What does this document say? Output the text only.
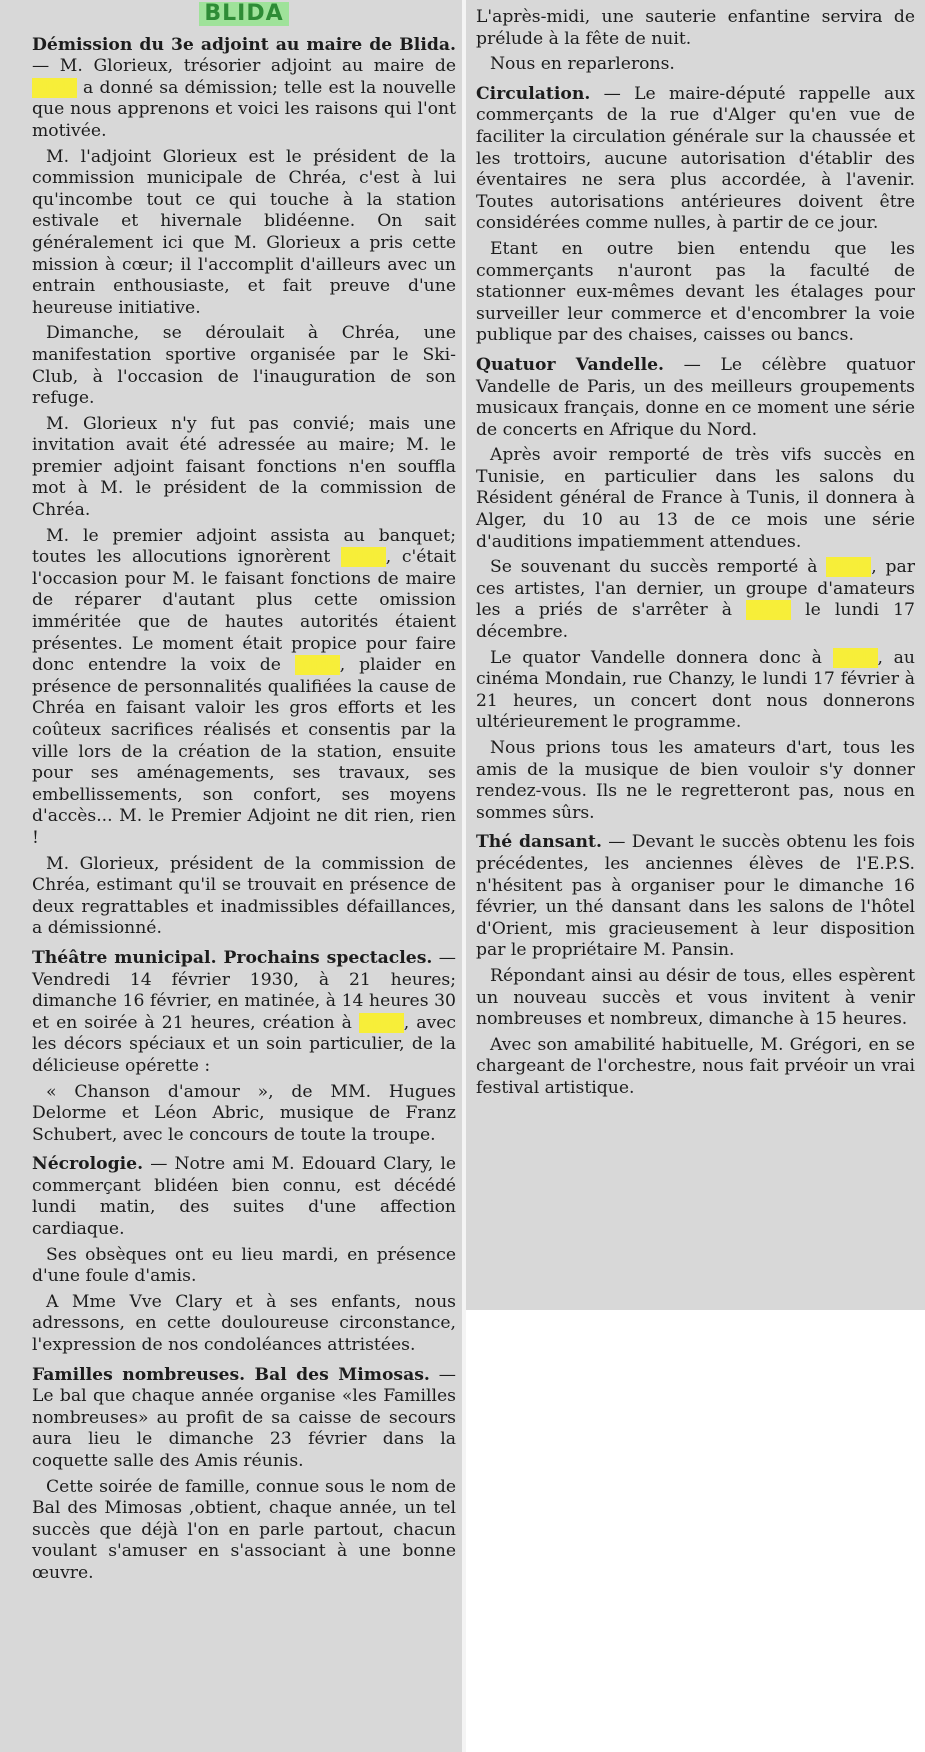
BLIDA

Démission du 3e adjoint au maire de Blida. — M. Glorieux, trésorier adjoint au maire de Blida a donné sa démission; telle est la nouvelle que nous apprenons et voici les raisons qui l'ont motivée.

M. l'adjoint Glorieux est le président de la commission municipale de Chréa, c'est à lui qu'incombe tout ce qui touche à la station estivale et hivernale blidéenne. On sait généralement ici que M. Glorieux a pris cette mission à cœur; il l'accomplit d'ailleurs avec un entrain enthousiaste, et fait preuve d'une heureuse initiative.

Dimanche, se déroulait à Chréa, une manifestation sportive organisée par le Ski-Club, à l'occasion de l'inauguration de son refuge.

M. Glorieux n'y fut pas convié; mais une invitation avait été adressée au maire; M. le premier adjoint faisant fonctions n'en souffla mot à M. le président de la commission de Chréa.

M. le premier adjoint assista au banquet; toutes les allocutions ignorèrent Blida, c'était l'occasion pour M. le faisant fonctions de maire de réparer d'autant plus cette omission imméritée que de hautes autorités étaient présentes. Le moment était propice pour faire donc entendre la voix de Blida, plaider en présence de personnalités qualifiées la cause de Chréa en faisant valoir les gros efforts et les coûteux sacrifices réalisés et consentis par la ville lors de la création de la station, ensuite pour ses aménagements, ses travaux, ses embellissements, son confort, ses moyens d'accès... M. le Premier Adjoint ne dit rien, rien !

M. Glorieux, président de la commission de Chréa, estimant qu'il se trouvait en présence de deux regrattables et inadmissibles défaillances, a démissionné.

Théâtre municipal. Prochains spectacles. — Vendredi 14 février 1930, à 21 heures; dimanche 16 février, en matinée, à 14 heures 30 et en soirée à 21 heures, création à Blida, avec les décors spéciaux et un soin particulier, de la délicieuse opérette :

« Chanson d'amour », de MM. Hugues Delorme et Léon Abric, musique de Franz Schubert, avec le concours de toute la troupe.

Nécrologie. — Notre ami M. Edouard Clary, le commerçant blidéen bien connu, est décédé lundi matin, des suites d'une affection cardiaque.

Ses obsèques ont eu lieu mardi, en présence d'une foule d'amis.

A Mme Vve Clary et à ses enfants, nous adressons, en cette douloureuse circonstance, l'expression de nos condoléances attristées.

Familles nombreuses. Bal des Mimosas. — Le bal que chaque année organise «les Familles nombreuses» au profit de sa caisse de secours aura lieu le dimanche 23 février dans la coquette salle des Amis réunis.

Cette soirée de famille, connue sous le nom de Bal des Mimosas ,obtient, chaque année, un tel succès que déjà l'on en parle partout, chacun voulant s'amuser en s'associant à une bonne œuvre.

L'après-midi, une sauterie enfantine servira de prélude à la fête de nuit.

Nous en reparlerons.

Circulation. — Le maire-député rappelle aux commerçants de la rue d'Alger qu'en vue de faciliter la circulation générale sur la chaussée et les trottoirs, aucune autorisation d'établir des éventaires ne sera plus accordée, à l'avenir. Toutes autorisations antérieures doivent être considérées comme nulles, à partir de ce jour.

Etant en outre bien entendu que les commerçants n'auront pas la faculté de stationner eux-mêmes devant les étalages pour surveiller leur commerce et d'encombrer la voie publique par des chaises, caisses ou bancs.

Quatuor Vandelle. — Le célèbre quatuor Vandelle de Paris, un des meilleurs groupements musicaux français, donne en ce moment une série de concerts en Afrique du Nord.

Après avoir remporté de très vifs succès en Tunisie, en particulier dans les salons du Résident général de France à Tunis, il donnera à Alger, du 10 au 13 de ce mois une série d'auditions impatiemment attendues.

Se souvenant du succès remporté à Blida, par ces artistes, l'an dernier, un groupe d'amateurs les a priés de s'arrêter à Blida le lundi 17 décembre.

Le quator Vandelle donnera donc à Blida, au cinéma Mondain, rue Chanzy, le lundi 17 février à 21 heures, un concert dont nous donnerons ultérieurement le programme.

Nous prions tous les amateurs d'art, tous les amis de la musique de bien vouloir s'y donner rendez-vous. Ils ne le regretteront pas, nous en sommes sûrs.

Thé dansant. — Devant le succès obtenu les fois précédentes, les anciennes élèves de l'E.P.S. n'hésitent pas à organiser pour le dimanche 16 février, un thé dansant dans les salons de l'hôtel d'Orient, mis gracieusement à leur disposition par le propriétaire M. Pansin.

Répondant ainsi au désir de tous, elles espèrent un nouveau succès et vous invitent à venir nombreuses et nombreux, dimanche à 15 heures.

Avec son amabilité habituelle, M. Grégori, en se chargeant de l'orchestre, nous fait prvéoir un vrai festival artistique.
